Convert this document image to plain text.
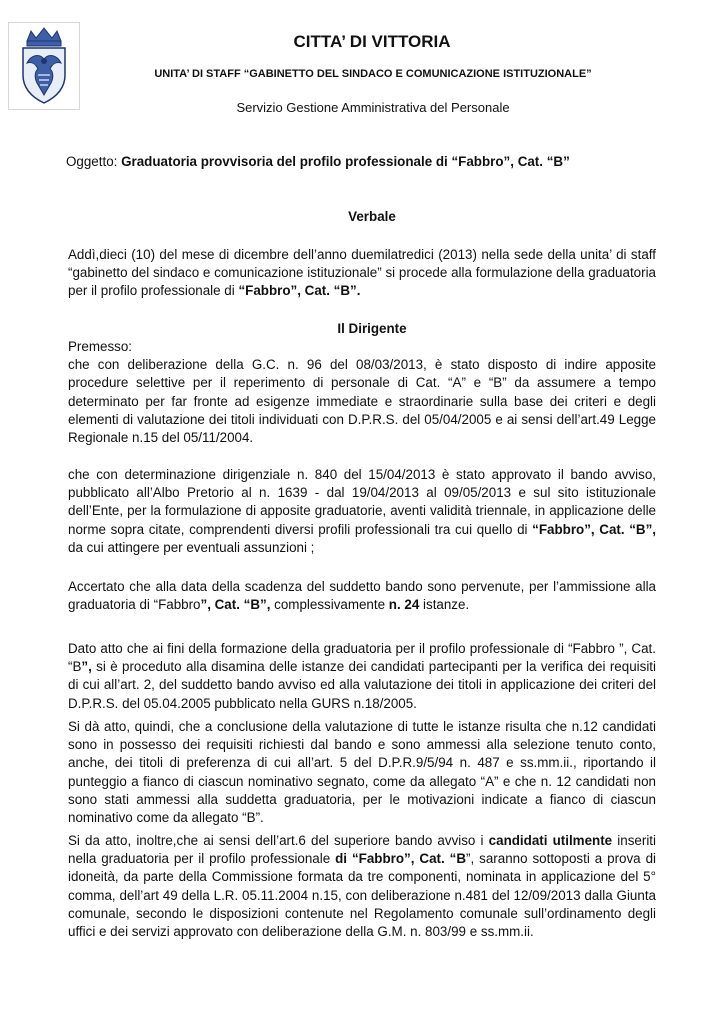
CITTA’ DI VITTORIA
UNITA’ DI STAFF “GABINETTO DEL SINDACO E COMUNICAZIONE ISTITUZIONALE”
Servizio Gestione Amministrativa del Personale
Oggetto: Graduatoria provvisoria del profilo professionale di “Fabbro”, Cat. “B”
Verbale
Addì,dieci (10) del mese di dicembre dell’anno duemilatredici (2013) nella sede della unita’ di staff “gabinetto del sindaco e comunicazione istituzionale” si procede alla formulazione della graduatoria per il profilo professionale di “Fabbro”, Cat. “B”.
Il Dirigente
Premesso:
che con deliberazione della G.C. n. 96 del 08/03/2013, è stato disposto di indire apposite procedure selettive per il reperimento di personale di Cat. “A” e “B” da assumere a tempo determinato per far fronte ad esigenze immediate e straordinarie sulla base dei criteri e degli elementi di valutazione dei titoli individuati con D.P.R.S. del 05/04/2005 e ai sensi dell’art.49 Legge Regionale n.15 del 05/11/2004.
che con determinazione dirigenziale n. 840 del 15/04/2013 è stato approvato il bando avviso, pubblicato all’Albo Pretorio al n. 1639 - dal 19/04/2013 al 09/05/2013 e sul sito istituzionale dell’Ente, per la formulazione di apposite graduatorie, aventi validità triennale, in applicazione delle norme sopra citate, comprendenti diversi profili professionali tra cui quello di “Fabbro”, Cat. “B”, da cui attingere per eventuali assunzioni ;
Accertato che alla data della scadenza del suddetto bando sono pervenute, per l’ammissione alla graduatoria di “Fabbro”, Cat. “B”, complessivamente n. 24 istanze.
Dato atto che ai fini della formazione della graduatoria per il profilo professionale di “Fabbro ”, Cat. “B”, si è proceduto alla disamina delle istanze dei candidati partecipanti per la verifica dei requisiti di cui all’art. 2, del suddetto bando avviso ed alla valutazione dei titoli in applicazione dei criteri del D.P.R.S. del 05.04.2005 pubblicato nella GURS n.18/2005.
Si dà atto, quindi, che a conclusione della valutazione di tutte le istanze risulta che n.12 candidati sono in possesso dei requisiti richiesti dal bando e sono ammessi alla selezione tenuto conto, anche, dei titoli di preferenza di cui all’art. 5 del D.P.R.9/5/94 n. 487 e ss.mm.ii., riportando il punteggio a fianco di ciascun nominativo segnato, come da allegato “A” e che n. 12 candidati non sono stati ammessi alla suddetta graduatoria, per le motivazioni indicate a fianco di ciascun nominativo come da allegato “B”.
Si da atto, inoltre,che ai sensi dell’art.6 del superiore bando avviso i candidati utilmente inseriti nella graduatoria per il profilo professionale di “Fabbro”, Cat. “B”, saranno sottoposti a prova di idoneità, da parte della Commissione formata da tre componenti, nominata in applicazione del 5° comma, dell’art 49 della L.R. 05.11.2004 n.15, con deliberazione n.481 del 12/09/2013 dalla Giunta comunale, secondo le disposizioni contenute nel Regolamento comunale sull’ordinamento degli uffici e dei servizi approvato con deliberazione della G.M. n. 803/99 e ss.mm.ii.
